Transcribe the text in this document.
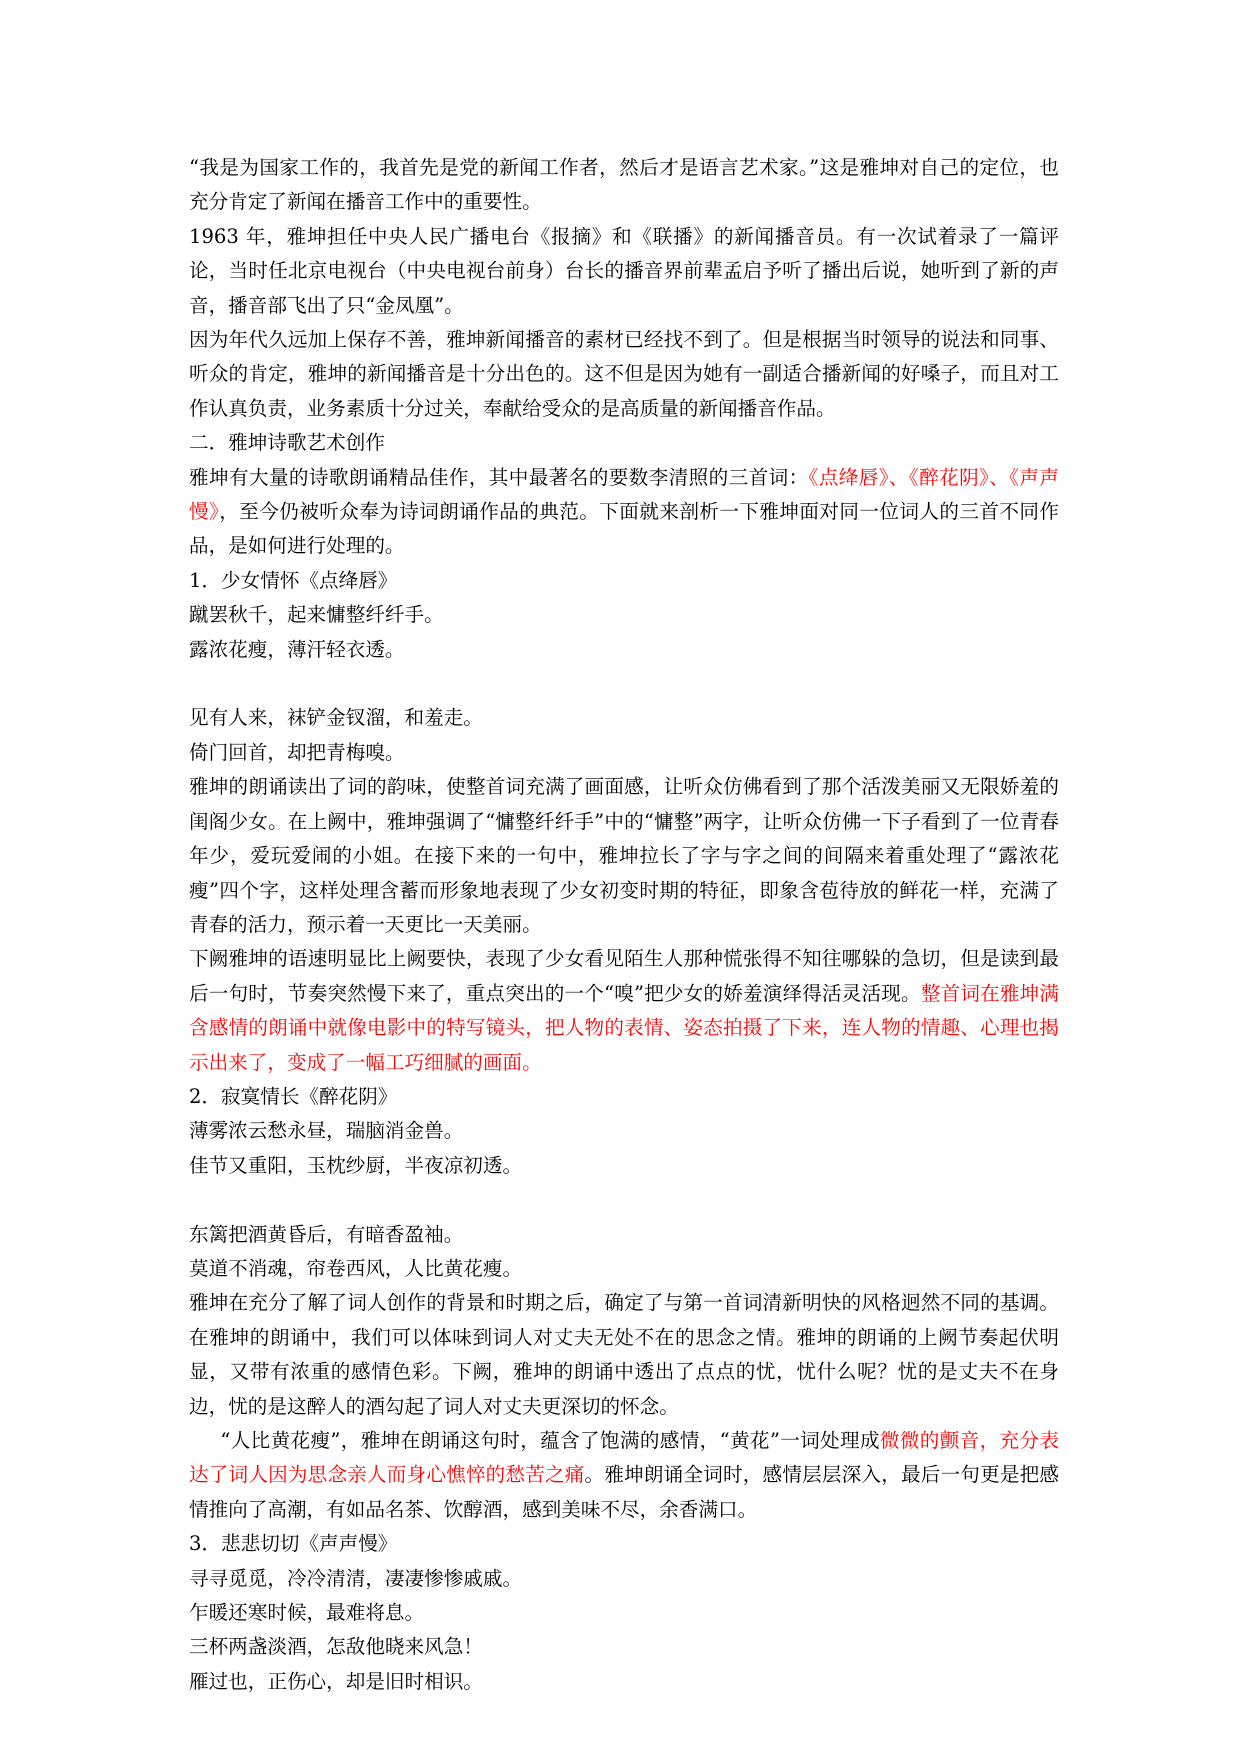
“我是为国家工作的，我首先是党的新闻工作者，然后才是语言艺术家。”这是雅坤对自己的定位，也充分肯定了新闻在播音工作中的重要性。

1963 年，雅坤担任中央人民广播电台《报摘》和《联播》的新闻播音员。有一次试着录了一篇评论，当时任北京电视台（中央电视台前身）台长的播音界前辈孟启予听了播出后说，她听到了新的声音，播音部飞出了只“金凤凰”。

因为年代久远加上保存不善，雅坤新闻播音的素材已经找不到了。但是根据当时领导的说法和同事、听众的肯定，雅坤的新闻播音是十分出色的。这不但是因为她有一副适合播新闻的好嗓子，而且对工作认真负责，业务素质十分过关，奉献给受众的是高质量的新闻播音作品。

二．雅坤诗歌艺术创作

雅坤有大量的诗歌朗诵精品佳作，其中最著名的要数李清照的三首词：《点绛唇》、《醉花阴》、《声声慢》，至今仍被听众奉为诗词朗诵作品的典范。下面就来剖析一下雅坤面对同一位词人的三首不同作品，是如何进行处理的。

1．少女情怀《点绛唇》

蹴罢秋千，起来慵整纤纤手。

露浓花瘦，薄汗轻衣透。

见有人来，袜铲金钗溜，和羞走。

倚门回首，却把青梅嗅。

雅坤的朗诵读出了词的韵味，使整首词充满了画面感，让听众仿佛看到了那个活泼美丽又无限娇羞的闺阁少女。在上阙中，雅坤强调了“慵整纤纤手”中的“慵整”两字，让听众仿佛一下子看到了一位青春年少，爱玩爱闹的小姐。在接下来的一句中，雅坤拉长了字与字之间的间隔来着重处理了“露浓花瘦”四个字，这样处理含蓄而形象地表现了少女初变时期的特征，即象含苞待放的鲜花一样，充满了青春的活力，预示着一天更比一天美丽。

下阙雅坤的语速明显比上阙要快，表现了少女看见陌生人那种慌张得不知往哪躲的急切，但是读到最后一句时，节奏突然慢下来了，重点突出的一个“嗅”把少女的娇羞演绎得活灵活现。整首词在雅坤满含感情的朗诵中就像电影中的特写镜头，把人物的表情、姿态拍摄了下来，连人物的情趣、心理也揭示出来了，变成了一幅工巧细腻的画面。

2．寂寞情长《醉花阴》

薄雾浓云愁永昼，瑞脑消金兽。

佳节又重阳，玉枕纱厨，半夜凉初透。

东篱把酒黄昏后，有暗香盈袖。

莫道不消魂，帘卷西风，人比黄花瘦。

雅坤在充分了解了词人创作的背景和时期之后，确定了与第一首词清新明快的风格迥然不同的基调。在雅坤的朗诵中，我们可以体味到词人对丈夫无处不在的思念之情。雅坤的朗诵的上阙节奏起伏明显，又带有浓重的感情色彩。下阙，雅坤的朗诵中透出了点点的忧，忧什么呢？忧的是丈夫不在身边，忧的是这醉人的酒勾起了词人对丈夫更深切的怀念。

“人比黄花瘦”，雅坤在朗诵这句时，蕴含了饱满的感情，“黄花”一词处理成微微的颤音，充分表达了词人因为思念亲人而身心憔悴的愁苦之痛。雅坤朗诵全词时，感情层层深入，最后一句更是把感情推向了高潮，有如品名茶、饮醇酒，感到美味不尽，余香满口。

3．悲悲切切《声声慢》

寻寻觅觅，冷冷清清，凄凄惨惨戚戚。

乍暖还寒时候，最难将息。

三杯两盏淡酒，怎敌他晓来风急！

雁过也，正伤心，却是旧时相识。
